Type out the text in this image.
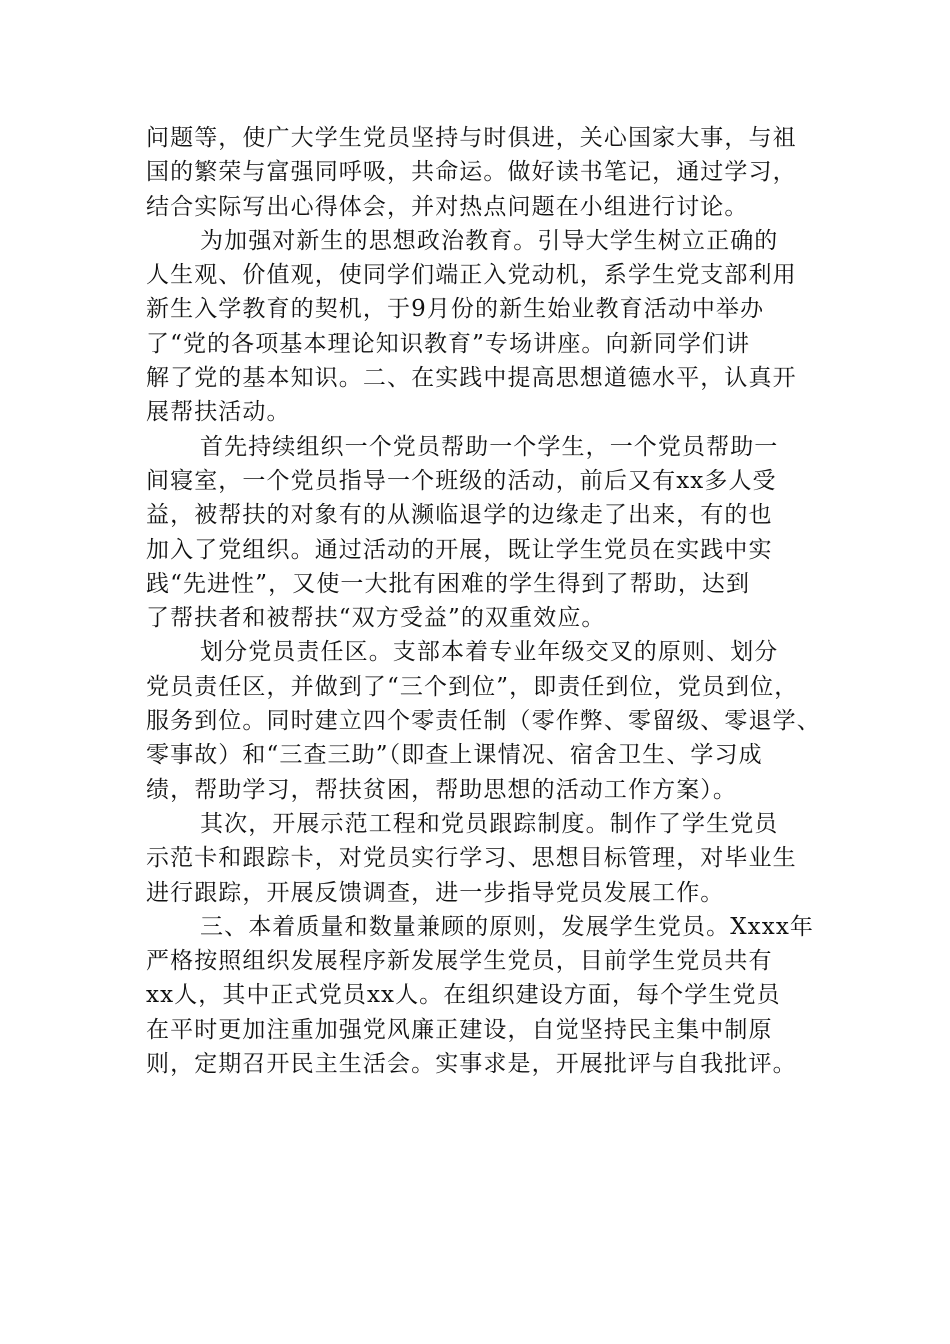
问题等，使广大学生党员坚持与时俱进，关心国家大事，与祖
国的繁荣与富强同呼吸，共命运。做好读书笔记，通过学习，
结合实际写出心得体会，并对热点问题在小组进行讨论。
为加强对新生的思想政治教育。引导大学生树立正确的
人生观、价值观，使同学们端正入党动机，系学生党支部利用
新生入学教育的契机，于9月份的新生始业教育活动中举办
了“党的各项基本理论知识教育”专场讲座。向新同学们讲
解了党的基本知识。二、在实践中提高思想道德水平，认真开
展帮扶活动。
首先持续组织一个党员帮助一个学生，一个党员帮助一
间寝室，一个党员指导一个班级的活动，前后又有xx多人受
益，被帮扶的对象有的从濒临退学的边缘走了出来，有的也
加入了党组织。通过活动的开展，既让学生党员在实践中实
践“先进性”，又使一大批有困难的学生得到了帮助，达到
了帮扶者和被帮扶“双方受益”的双重效应。
划分党员责任区。支部本着专业年级交叉的原则、划分
党员责任区，并做到了“三个到位”，即责任到位，党员到位，
服务到位。同时建立四个零责任制（零作弊、零留级、零退学、
零事故）和“三查三助”（即查上课情况、宿舍卫生、学习成
绩，帮助学习，帮扶贫困，帮助思想的活动工作方案）。
其次，开展示范工程和党员跟踪制度。制作了学生党员
示范卡和跟踪卡，对党员实行学习、思想目标管理，对毕业生
进行跟踪，开展反馈调查，进一步指导党员发展工作。
三、本着质量和数量兼顾的原则，发展学生党员。Xxxx年
严格按照组织发展程序新发展学生党员，目前学生党员共有
xx人，其中正式党员xx人。在组织建设方面，每个学生党员
在平时更加注重加强党风廉正建设，自觉坚持民主集中制原
则，定期召开民主生活会。实事求是，开展批评与自我批评。
